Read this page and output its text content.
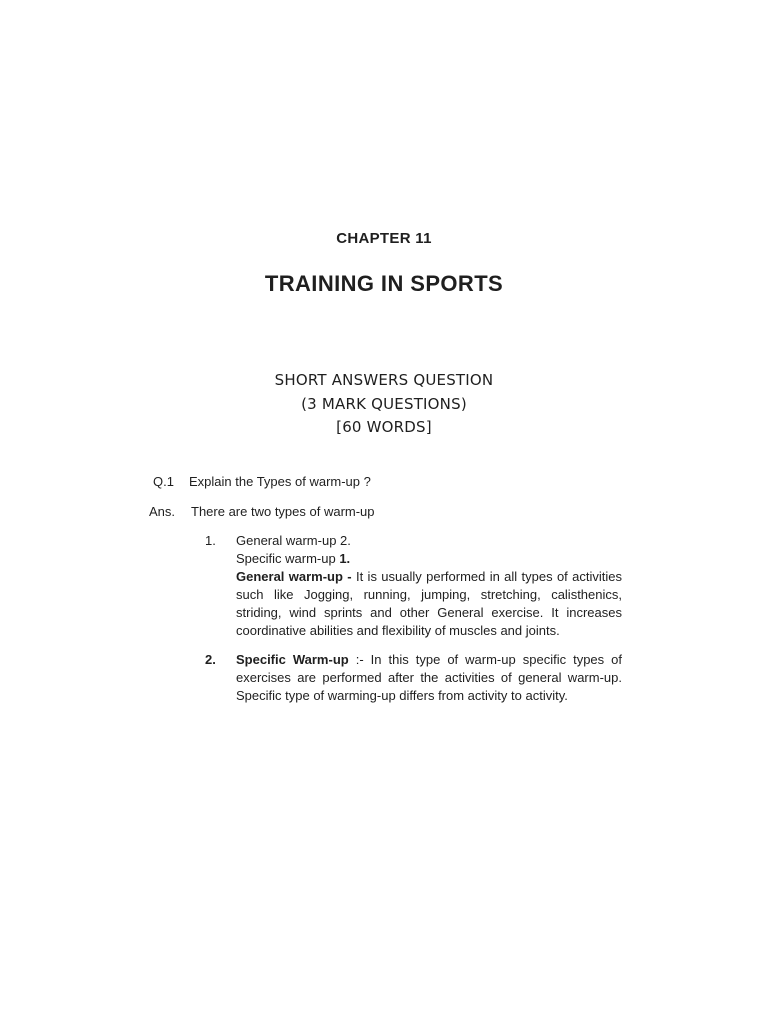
CHAPTER 11
TRAINING IN SPORTS
SHORT ANSWERS QUESTION
(3 MARK QUESTIONS)
[60 WORDS]
Q.1 Explain the Types of warm-up ?
Ans. There are two types of warm-up
1.	General warm-up 2.
Specific warm-up 1.
General warm-up - It is usually performed in all types of activities such like Jogging, running, jumping, stretching, calisthenics, striding, wind sprints and other General exercise. It increases coordinative abilities and flexibility of muscles and joints.
2.	Specific Warm-up :- In this type of warm-up specific types of exercises are performed after the activities of general warm-up. Specific type of warming-up differs from activity to activity.
